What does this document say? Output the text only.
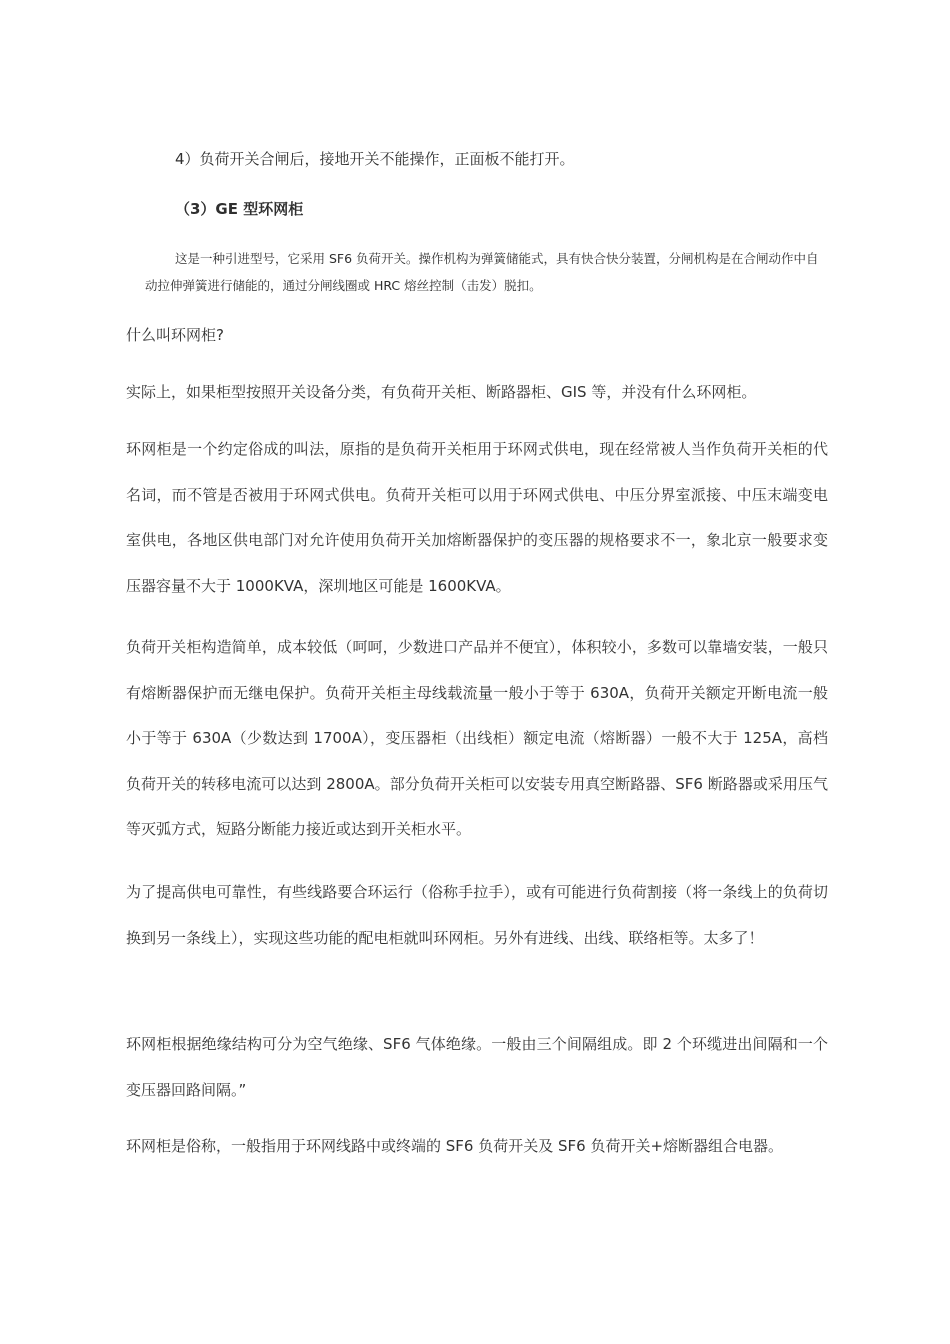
4）负荷开关合闸后，接地开关不能操作，正面板不能打开。
（3）GE 型环网柜

这是一种引进型号，它采用 SF6 负荷开关。操作机构为弹簧储能式，具有快合快分装置，分闸机构是在合闸动作中自动拉伸弹簧进行储能的，通过分闸线圈或 HRC 熔丝控制（击发）脱扣。

什么叫环网柜?

实际上，如果柜型按照开关设备分类，有负荷开关柜、断路器柜、GIS 等，并没有什么环网柜。

环网柜是一个约定俗成的叫法，原指的是负荷开关柜用于环网式供电，现在经常被人当作负荷开关柜的代名词，而不管是否被用于环网式供电。负荷开关柜可以用于环网式供电、中压分界室派接、中压末端变电室供电，各地区供电部门对允许使用负荷开关加熔断器保护的变压器的规格要求不一，象北京一般要求变压器容量不大于 1000KVA，深圳地区可能是 1600KVA。

负荷开关柜构造简单，成本较低（呵呵，少数进口产品并不便宜），体积较小，多数可以靠墙安装，一般只有熔断器保护而无继电保护。负荷开关柜主母线载流量一般小于等于 630A，负荷开关额定开断电流一般小于等于 630A（少数达到 1700A），变压器柜（出线柜）额定电流（熔断器）一般不大于 125A，高档负荷开关的转移电流可以达到 2800A。部分负荷开关柜可以安装专用真空断路器、SF6 断路器或采用压气等灭弧方式，短路分断能力接近或达到开关柜水平。

为了提高供电可靠性，有些线路要合环运行（俗称手拉手），或有可能进行负荷割接（将一条线上的负荷切换到另一条线上），实现这些功能的配电柜就叫环网柜。另外有进线、出线、联络柜等。太多了！

环网柜根据绝缘结构可分为空气绝缘、SF6 气体绝缘。一般由三个间隔组成。即 2 个环缆进出间隔和一个变压器回路间隔。”

环网柜是俗称，一般指用于环网线路中或终端的 SF6 负荷开关及 SF6 负荷开关+熔断器组合电器。
